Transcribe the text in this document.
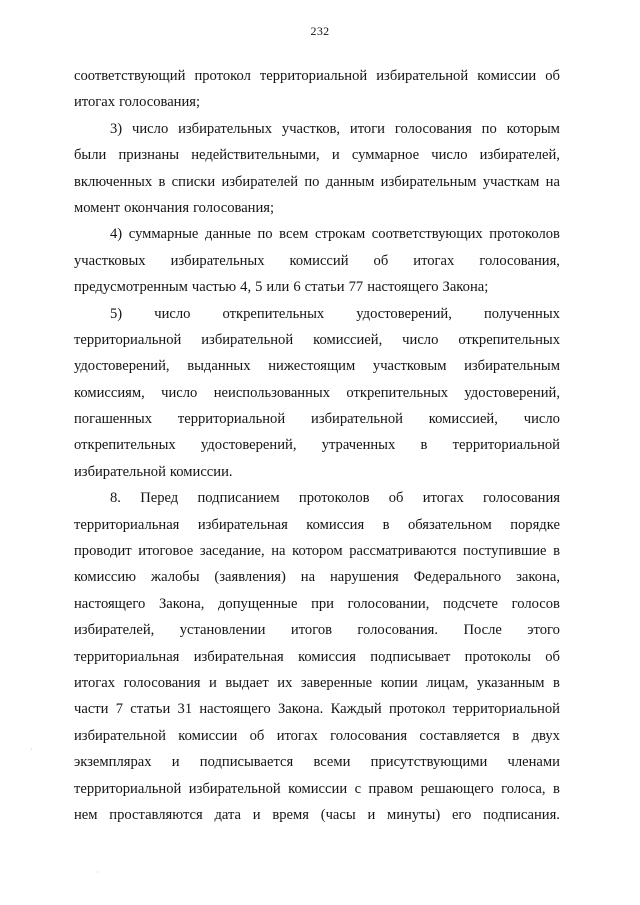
232
соответствующий протокол территориальной избирательной комиссии об
итогах голосования;
3) число избирательных участков, итоги голосования по которым
были признаны недействительными, и суммарное число избирателей,
включенных в списки избирателей по данным избирательным участкам на
момент окончания голосования;
4) суммарные данные по всем строкам соответствующих протоколов
участковых избирательных комиссий об итогах голосования,
предусмотренным частью 4, 5 или 6 статьи 77 настоящего Закона;
5) число открепительных удостоверений, полученных
территориальной избирательной комиссией, число открепительных
удостоверений, выданных нижестоящим участковым избирательным
комиссиям, число неиспользованных открепительных удостоверений,
погашенных территориальной избирательной комиссией, число
открепительных удостоверений, утраченных в территориальной
избирательной комиссии.
8. Перед подписанием протоколов об итогах голосования
территориальная избирательная комиссия в обязательном порядке
проводит итоговое заседание, на котором рассматриваются поступившие в
комиссию жалобы (заявления) на нарушения Федерального закона,
настоящего Закона, допущенные при голосовании, подсчете голосов
избирателей, установлении итогов голосования. После этого
территориальная избирательная комиссия подписывает протоколы об
итогах голосования и выдает их заверенные копии лицам, указанным в
части 7 статьи 31 настоящего Закона. Каждый протокол территориальной
избирательной комиссии об итогах голосования составляется в двух
экземплярах и подписывается всеми присутствующими членами
территориальной избирательной комиссии с правом решающего голоса, в
нем проставляются дата и время (часы и минуты) его подписания.
·
·
